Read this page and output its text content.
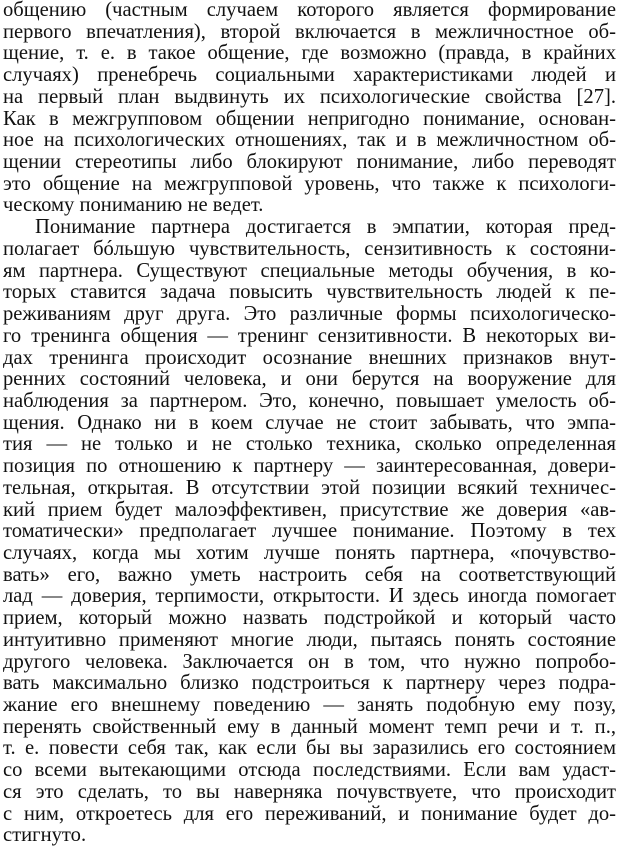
общению (частным случаем которого является формирование
первого впечатления), второй включается в межличностное об-
щение, т. е. в такое общение, где возможно (правда, в крайних
случаях) пренебречь социальными характеристиками людей и
на первый план выдвинуть их психологические свойства [27].
Как в межгрупповом общении непригодно понимание, основан-
ное на психологических отношениях, так и в межличностном об-
щении стереотипы либо блокируют понимание, либо переводят
это общение на межгрупповой уровень, что также к психологи-
ческому пониманию не ведет.
Понимание партнера достигается в эмпатии, которая пред-
полагает бóльшую чувствительность, сензитивность к состояни-
ям партнера. Существуют специальные методы обучения, в ко-
торых ставится задача повысить чувствительность людей к пе-
реживаниям друг друга. Это различные формы психологическо-
го тренинга общения — тренинг сензитивности. В некоторых ви-
дах тренинга происходит осознание внешних признаков внут-
ренних состояний человека, и они берутся на вооружение для
наблюдения за партнером. Это, конечно, повышает умелость об-
щения. Однако ни в коем случае не стоит забывать, что эмпа-
тия — не только и не столько техника, сколько определенная
позиция по отношению к партнеру — заинтересованная, довери-
тельная, открытая. В отсутствии этой позиции всякий техничес-
кий прием будет малоэффективен, присутствие же доверия «ав-
томатически» предполагает лучшее понимание. Поэтому в тех
случаях, когда мы хотим лучше понять партнера, «почувство-
вать» его, важно уметь настроить себя на соответствующий
лад — доверия, терпимости, открытости. И здесь иногда помогает
прием, который можно назвать подстройкой и который часто
интуитивно применяют многие люди, пытаясь понять состояние
другого человека. Заключается он в том, что нужно попробо-
вать максимально близко подстроиться к партнеру через подра-
жание его внешнему поведению — занять подобную ему позу,
перенять свойственный ему в данный момент темп речи и т. п.,
т. е. повести себя так, как если бы вы заразились его состоянием
со всеми вытекающими отсюда последствиями. Если вам удаст-
ся это сделать, то вы наверняка почувствуете, что происходит
с ним, откроетесь для его переживаний, и понимание будет до-
стигнуто.
